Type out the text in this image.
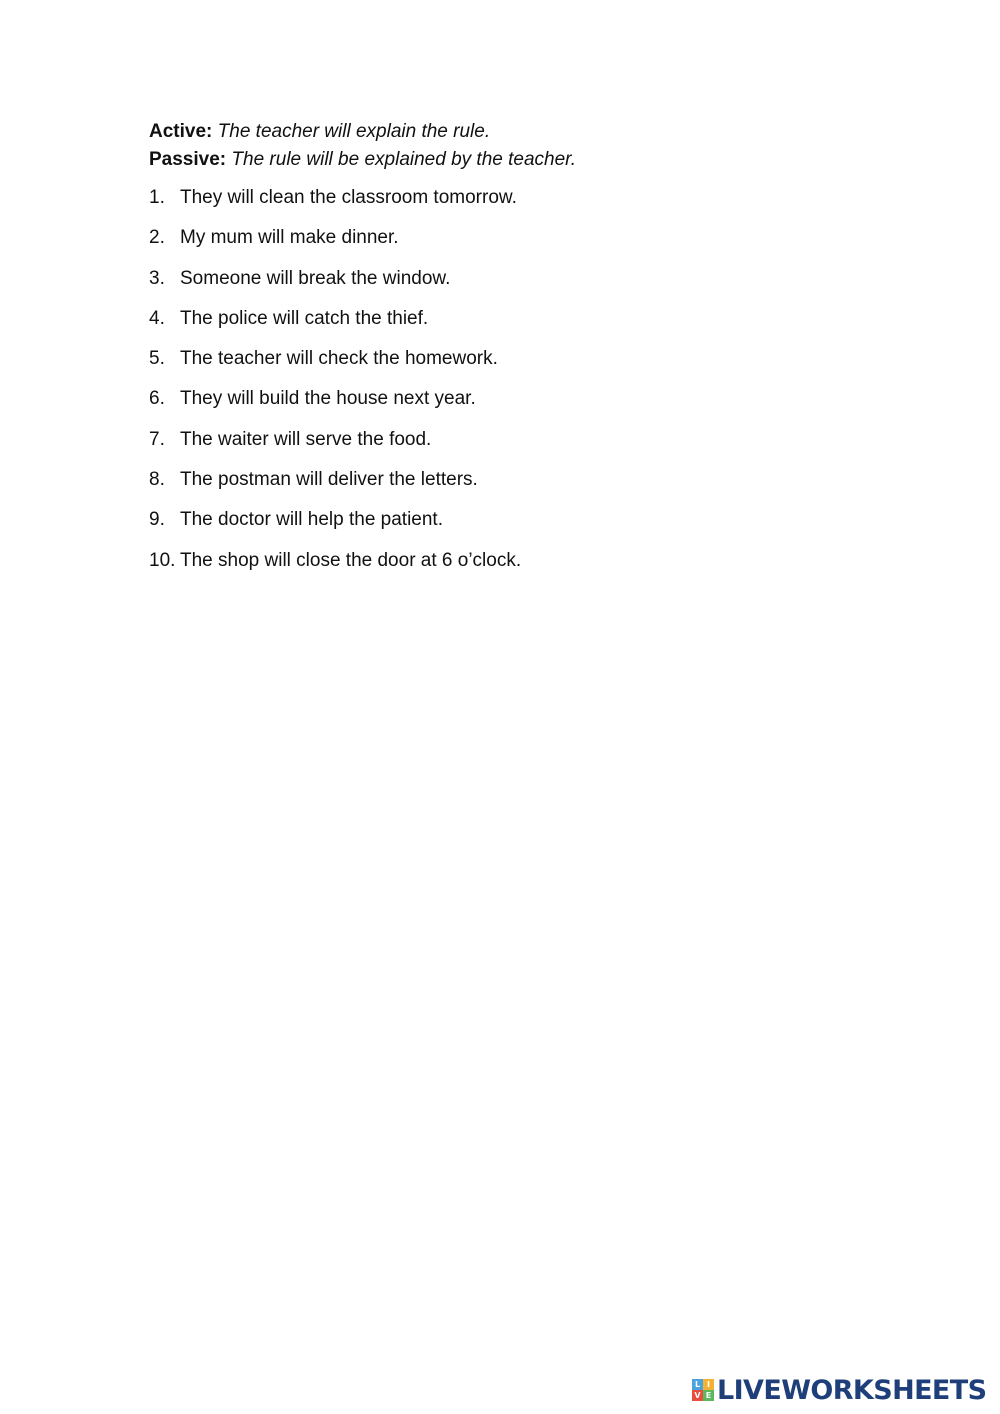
Active: The teacher will explain the rule.
Passive: The rule will be explained by the teacher.
1. They will clean the classroom tomorrow.
2. My mum will make dinner.
3. Someone will break the window.
4. The police will catch the thief.
5. The teacher will check the homework.
6. They will build the house next year.
7. The waiter will serve the food.
8. The postman will deliver the letters.
9. The doctor will help the patient.
10. The shop will close the door at 6 o’clock.
L I
V E LIVEWORKSHEETS
